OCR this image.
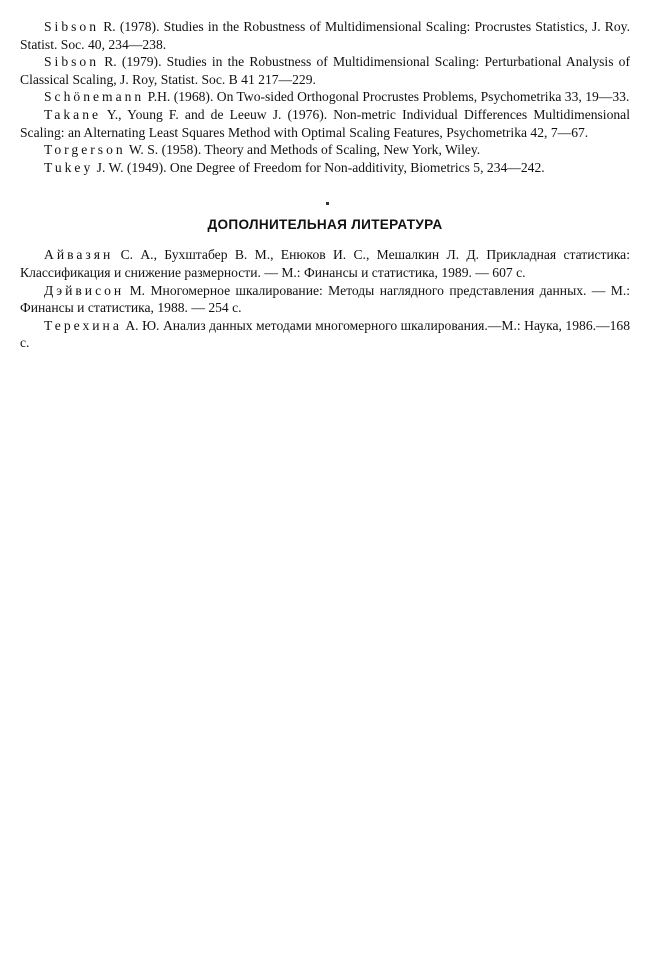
Sibson R. (1978). Studies in the Robustness of Multidimensional Scaling: Procrustes Statistics, J. Roy. Statist. Soc. 40, 234—238.

Sibson R. (1979). Studies in the Robustness of Multidimensional Scaling: Perturbational Analysis of Classical Scaling, J. Roy, Statist. Soc. B 41 217—229.

Schönemann P.H. (1968). On Two-sided Orthogonal Procrustes Problems, Psychometrika 33, 19—33.

Takane Y., Young F. and de Leeuw J. (1976). Non-metric Individual Differences Multidimensional Scaling: an Alternating Least Squares Method with Optimal Scaling Features, Psychometrika 42, 7—67.

Torgerson W. S. (1958). Theory and Methods of Scaling, New York, Wiley.

Tukey J. W. (1949). One Degree of Freedom for Non-additivity, Biometrics 5, 234—242.

ДОПОЛНИТЕЛЬНАЯ ЛИТЕРАТУРА

Айвазян С. А., Бухштабер В. М., Енюков И. С., Мешалкин Л. Д. Прикладная статистика: Классификация и снижение размерности. — М.: Финансы и статистика, 1989. — 607 с.

Дэйвисон М. Многомерное шкалирование: Методы наглядного представления данных. — М.: Финансы и статистика, 1988. — 254 с.

Терехина А. Ю. Анализ данных методами многомерного шкалирования.—М.: Наука, 1986.—168 с.
